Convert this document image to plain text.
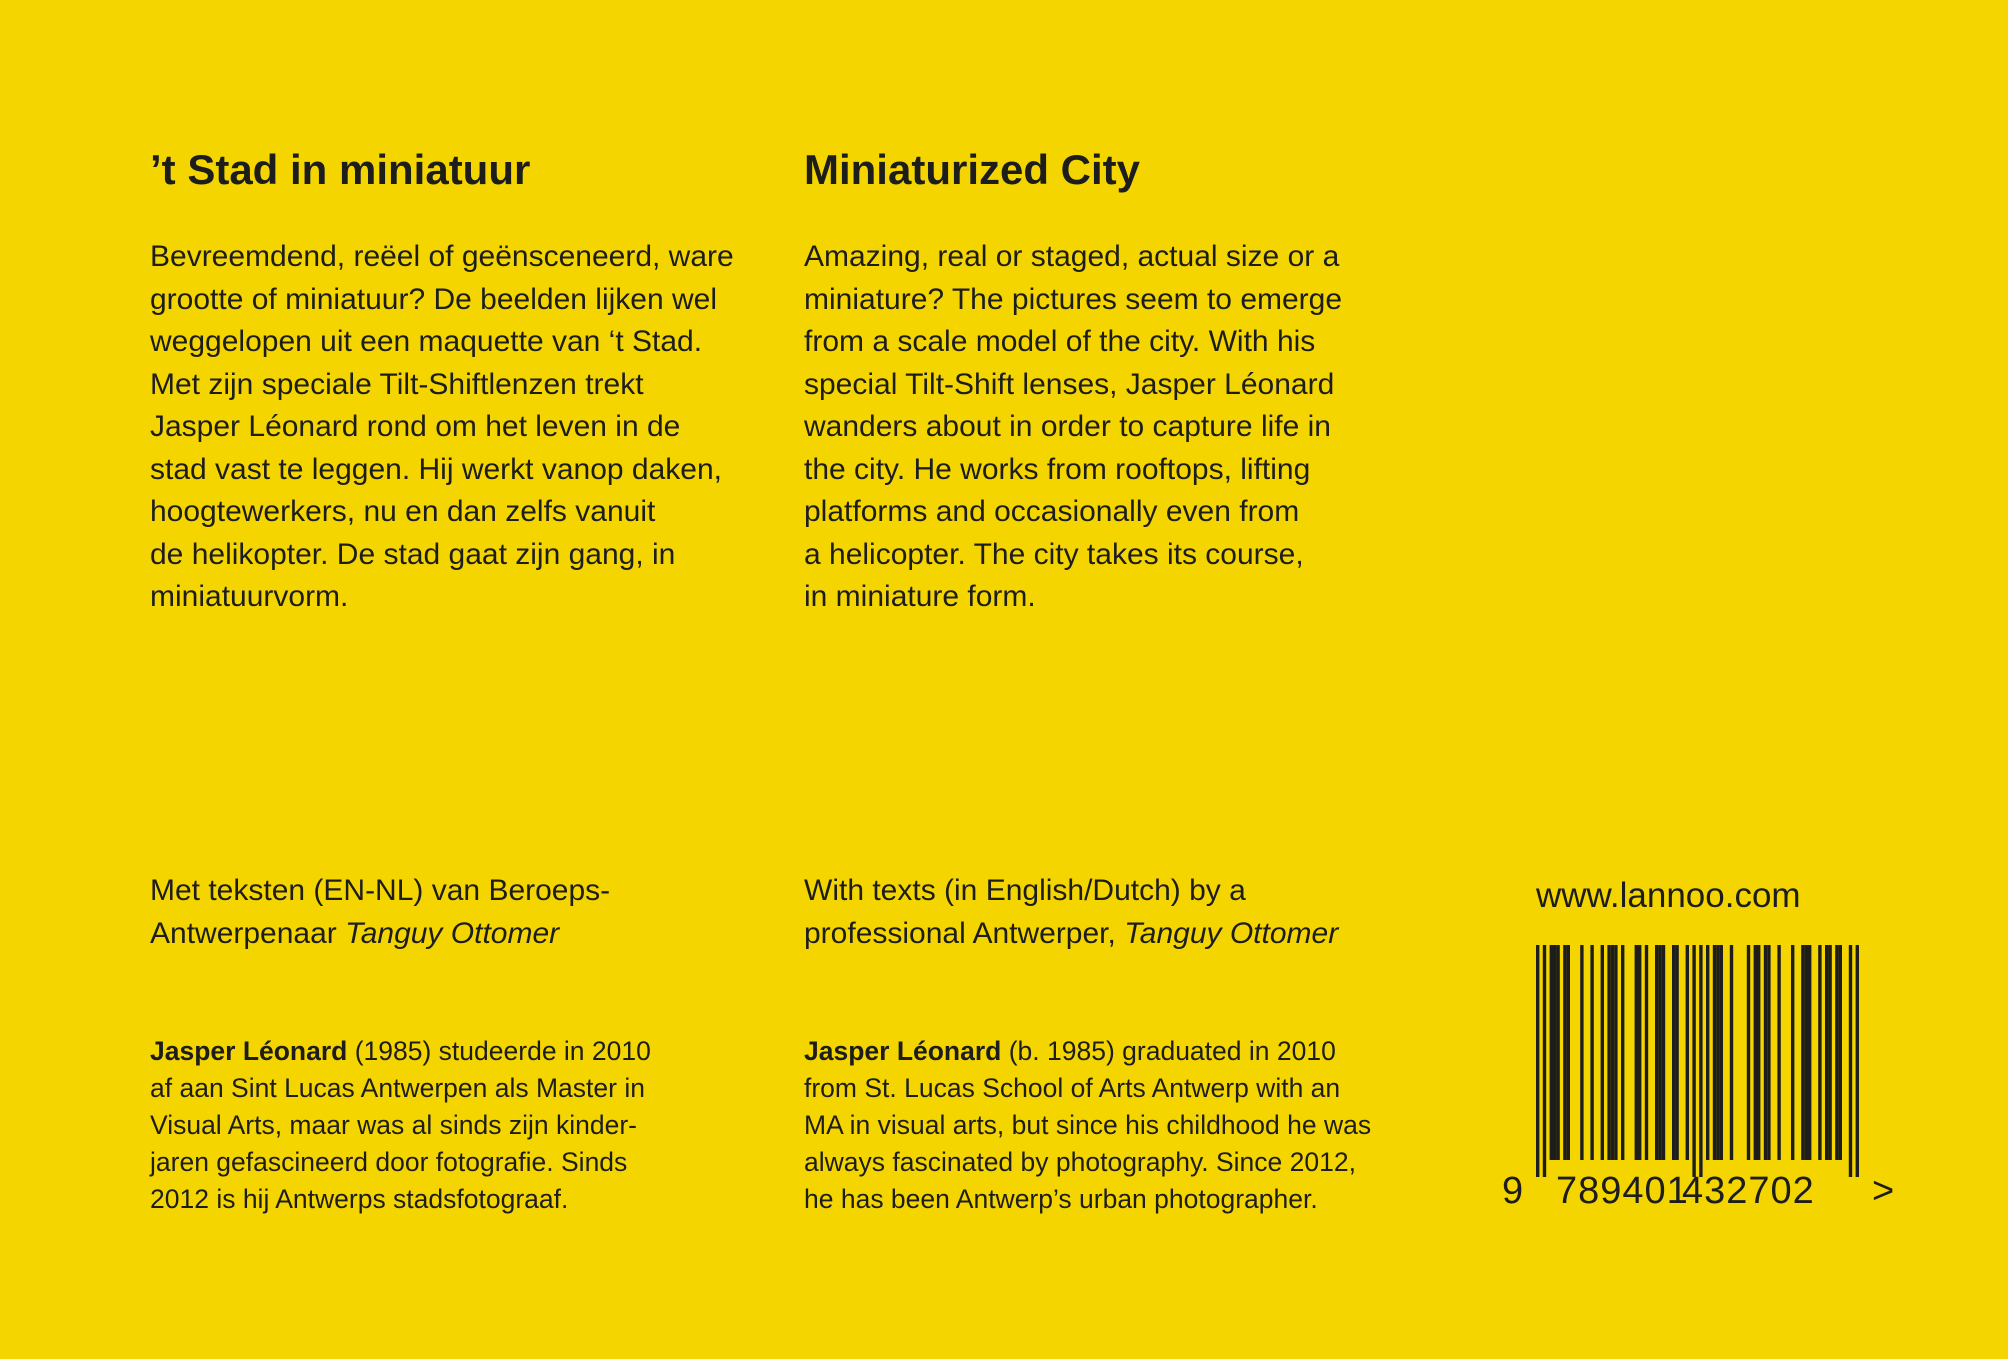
’t Stad in miniatuur

Bevreemdend, reëel of geënsceneerd, ware
grootte of miniatuur? De beelden lijken wel
weggelopen uit een maquette van ‘t Stad.
Met zijn speciale Tilt-Shiftlenzen trekt
Jasper Léonard rond om het leven in de
stad vast te leggen. Hij werkt vanop daken,
hoogtewerkers, nu en dan zelfs vanuit
de helikopter. De stad gaat zijn gang, in
miniatuurvorm.

Met teksten (EN-NL) van Beroeps-
Antwerpenaar Tanguy Ottomer

Jasper Léonard (1985) studeerde in 2010
af aan Sint Lucas Antwerpen als Master in
Visual Arts, maar was al sinds zijn kinder-
jaren gefascineerd door fotografie. Sinds
2012 is hij Antwerps stadsfotograaf.

Miniaturized City

Amazing, real or staged, actual size or a
miniature? The pictures seem to emerge
from a scale model of the city. With his
special Tilt-Shift lenses, Jasper Léonard
wanders about in order to capture life in
the city. He works from rooftops, lifting
platforms and occasionally even from
a helicopter. The city takes its course,
in miniature form.

With texts (in English/Dutch) by a
professional Antwerper, Tanguy Ottomer

Jasper Léonard (b. 1985) graduated in 2010
from St. Lucas School of Arts Antwerp with an
MA in visual arts, but since his childhood he was
always fascinated by photography. Since 2012,
he has been Antwerp’s urban photographer.

www.lannoo.com
9 789401
432702 >
